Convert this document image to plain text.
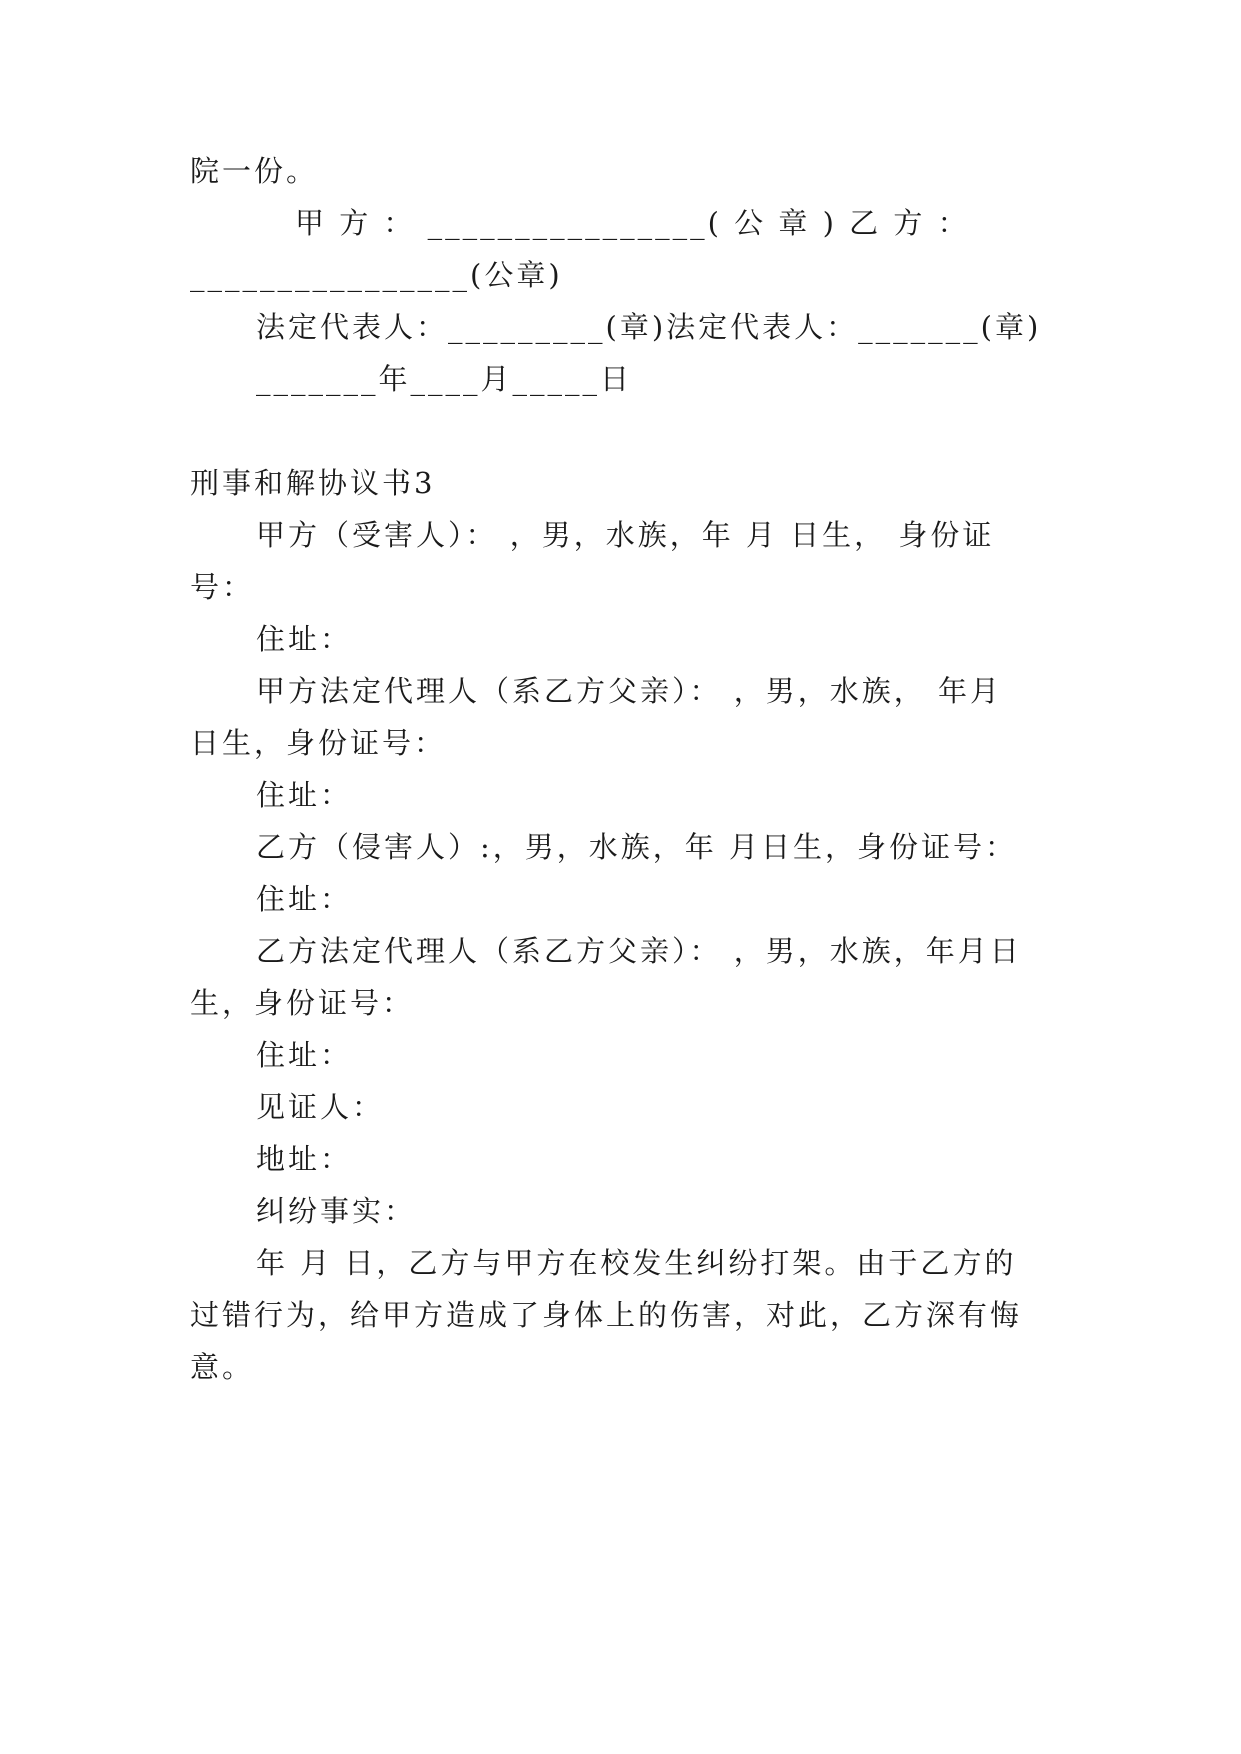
院一份。
甲 方 ： ________________( 公 章 ) 乙 方 ：
________________(公章)
法定代表人：_________(章)法定代表人：_______(章)
_______年____月_____日
刑事和解协议书3
甲方（受害人）： ，男，水族，年 月 日生， 身份证
号：
住址：
甲方法定代理人（系乙方父亲）： ，男，水族， 年月
日生，身份证号：
住址：
乙方（侵害人）:，男，水族，年 月日生，身份证号：
住址：
乙方法定代理人（系乙方父亲）： ，男，水族，年月日
生，身份证号：
住址：
见证人：
地址：
纠纷事实：
年 月 日，乙方与甲方在校发生纠纷打架。由于乙方的
过错行为，给甲方造成了身体上的伤害，对此，乙方深有悔
意。
